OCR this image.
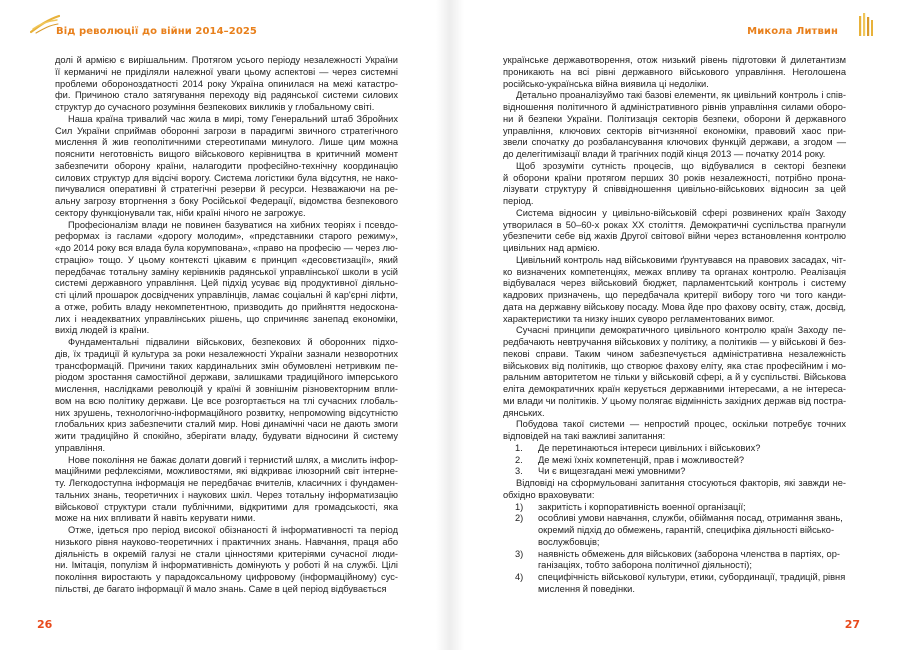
Від революції до війни 2014–2025
долі й армією є вирішальним. Протягом усього періоду незалежності України
її керманичі не приділяли належної уваги цьому аспектові — через системні
проблеми обороноздатності 2014 року Україна опинилася на межі катастро-
фи. Причиною стало затягування переходу від радянської системи силових
структур до сучасного розуміння безпекових викликів у глобальному світі.
Наша країна тривалий час жила в мирі, тому Генеральний штаб Збройних
Сил України сприймав оборонні загрози в парадигмі звичного стратегічного
мислення й жив геополітичними стереотипами минулого. Лише цим можна
пояснити неготовність вищого військового керівництва в критичний момент
забезпечити оборону країни, налагодити професійно-технічну координацію
силових структур для відсічі ворогу. Система логістики була відсутня, не нако-
пичувалися оперативні й стратегічні резерви й ресурси. Незважаючи на ре-
альну загрозу вторгнення з боку Російської Федерації, відомства безпекового
сектору функціонували так, ніби країні нічого не загрожує.
Професіоналізм влади не повинен базуватися на хибних теоріях і псевдо-
реформах із гаслами «дорогу молодим», «представники старого режиму»,
«до 2014 року вся влада була корумпована», «право на професію — через лю-
страцію» тощо. У цьому контексті цікавим є принцип «десовєтизації», який
передбачає тотальну заміну керівників радянської управлінської школи в усій
системі державного управління. Цей підхід усуває від продуктивної діяльно-
сті цілий прошарок досвідчених управлінців, ламає соціальні й кар'єрні ліфти,
а отже, робить владу некомпетентною, призводить до прийняття недоскона-
лих і неадекватних управлінських рішень, що спричиняє занепад економіки,
вихід людей із країни.
Фундаментальні підвалини військових, безпекових й оборонних підхо-
дів, їх традиції й культура за роки незалежності України зазнали незворотних
трансформацій. Причини таких кардинальних змін обумовлені нетривким пе-
ріодом зростання самостійної держави, залишками традиційного імперського
мислення, наслідками революцій у країні й зовнішнім різновекторним впли-
вом на всю політику держави. Це все розгортається на тлі сучасних глобаль-
них зрушень, технологічно-інформаційного розвитку, непромowing відсутністю
глобальних криз забезпечити сталий мир. Нові динамічні часи не дають змоги
жити традиційно й спокійно, зберігати владу, будувати відносини й систему
управління.
Нове покоління не бажає долати довгий і тернистий шлях, а мислить інфор-
маційними рефлексіями, можливостями, які відкриває ілюзорний світ інтерне-
ту. Легкодоступна інформація не передбачає вчителів, класичних і фундамен-
тальних знань, теоретичних і наукових шкіл. Через тотальну інформатизацію
військової структури стали публічними, відкритими для громадськості, яка
може на них впливати й навіть керувати ними.
Отже, ідеться про період високої обізнаності й інформативності та період
низького рівня науково-теоретичних і практичних знань. Навчання, праця або
діяльність в окремій галузі не стали цінностями критеріями сучасної люди-
ни. Імітація, популізм й інформативність домінують у роботі й на службі. Цілі
покоління виростають у парадоксальному цифровому (інформаційному) сус-
пільстві, де багато інформації й мало знань. Саме в цей період відбувається
26
Микола Литвин
українське державотворення, отож низький рівень підготовки й дилетантизм
проникають на всі рівні державного військового управління. Неголошена
російсько-українська війна виявила ці недоліки.
Детально проаналізуймо такі базові елементи, як цивільний контроль і спів-
відношення політичного й адміністративного рівнів управління силами оборо-
ни й безпеки України. Політизація секторів безпеки, оборони й державного
управління, ключових секторів вітчизняної економіки, правовий хаос при-
звели спочатку до розбалансування ключових функцій держави, а згодом —
до делегітимізації влади й трагічних подій кінця 2013 — початку 2014 року.
Щоб зрозуміти сутність процесів, що відбувалися в секторі безпеки
й оборони країни протягом перших 30 років незалежності, потрібно прона-
лізувати структуру й співвідношення цивільно-військових відносин за цей
період.
Система відносин у цивільно-військовій сфері розвинених країн Заходу
утворилася в 50–60-х роках XX століття. Демократичні суспільства прагнули
убезпечити себе від жахів Другої світової війни через встановлення контролю
цивільних над армією.
Цивільний контроль над військовими ґрунтувався на правових засадах, чіт-
ко визначених компетенціях, межах впливу та органах контролю. Реалізація
відбувалася через військовий бюджет, парламентський контроль і систему
кадрових призначень, що передбачала критерії вибору того чи того канди-
дата на державну військову посаду. Мова йде про фахову освіту, стаж, досвід,
характеристики та низку інших суворо регламентованих вимог.
Сучасні принципи демократичного цивільного контролю країн Заходу пе-
редбачають невтручання військових у політику, а політиків — у військові й без-
пекові справи. Таким чином забезпечується адміністративна незалежність
військових від політиків, що створює фахову еліту, яка стає професійним і мо-
ральним авторитетом не тільки у військовій сфері, а й у суспільстві. Військова
еліта демократичних країн керується державними інтересами, а не інтереса-
ми влади чи політиків. У цьому полягає відмінність західних держав від постра-
дянських.
Побудова такої системи — непростий процес, оскільки потребує точних
відповідей на такі важливі запитання:
1. Де перетинаються інтереси цивільних і військових?
2. Де межі їхніх компетенцій, прав і можливостей?
3. Чи є вищезгадані межі умовними?
Відповіді на сформульовані запитання стосуються факторів, які завжди не-
обхідно враховувати:
1) закритість і корпоративність военної організації;
2) особливі умови навчання, служби, обіймання посад, отримання звань,
окремий підхід до обмежень, гарантій, специфіка діяльності військо-
вослужбовців;
3) наявність обмежень для військових (заборона членства в партіях, ор-
ганізаціях, тобто заборона політичної діяльності);
4) специфічність військової культури, етики, субординації, традицій, рівня
мислення й поведінки.
27
